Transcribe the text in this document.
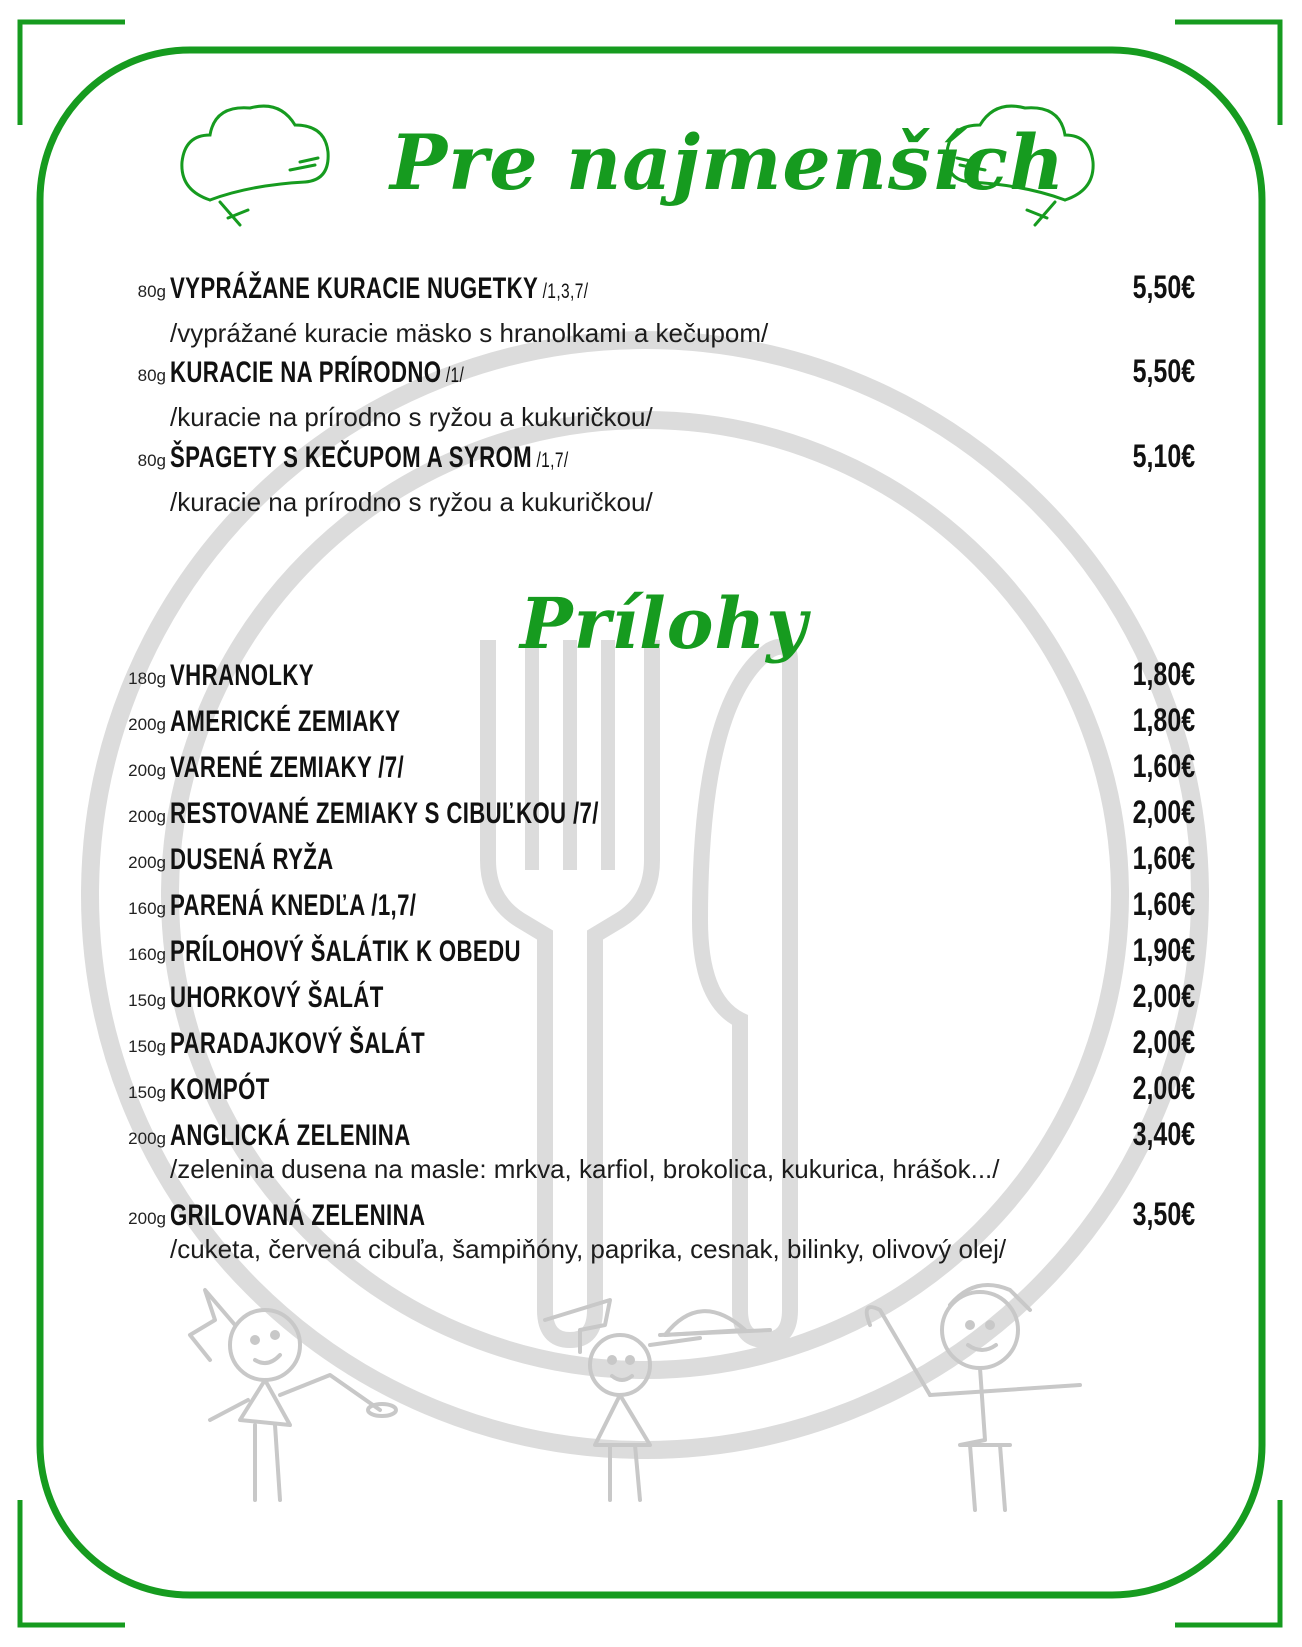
Pre najmenších
Prílohy
80g VYPRÁŽANE KURACIE NUGETKY /1,3,7/	5,50€
/vyprážané kuracie mäsko s hranolkami a kečupom/
80g KURACIE NA PRÍRODNO /1/	5,50€
/kuracie na prírodno s ryžou a kukuričkou/
80g ŠPAGETY S KEČUPOM A SYROM /1,7/	5,10€
/kuracie na prírodno s ryžou a kukuričkou/
180g VHRANOLKY	1,80€
200g AMERICKÉ ZEMIAKY	1,80€
200g VARENÉ ZEMIAKY /7/	1,60€
200g RESTOVANÉ ZEMIAKY S CIBUĽKOU /7/	2,00€
200g DUSENÁ RYŽA	1,60€
160g PARENÁ KNEDĽA /1,7/	1,60€
160g PRÍLOHOVÝ ŠALÁTIK K OBEDU	1,90€
150g UHORKOVÝ ŠALÁT	2,00€
150g PARADAJKOVÝ ŠALÁT	2,00€
150g KOMPÓT	2,00€
200g ANGLICKÁ ZELENINA	3,40€
/zelenina dusena na masle: mrkva, karfiol, brokolica, kukurica, hrášok.../
200g GRILOVANÁ ZELENINA	3,50€
/cuketa, červená cibuľa, šampiňóny, paprika, cesnak, bilinky, olivový olej/
